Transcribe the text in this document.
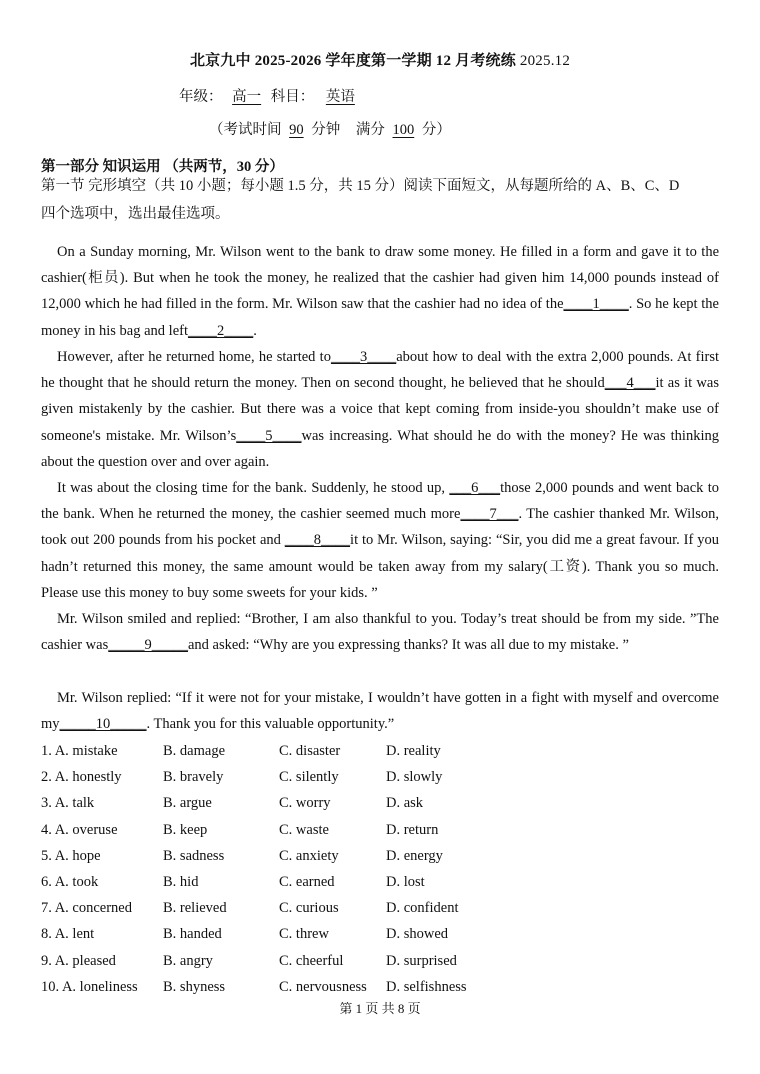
北京九中 2025-2026 学年度第一学期 12 月考统练 2025.12
年级： 高一 科目： 英语
（考试时间 90 分钟 满分 100 分）
第一部分 知识运用 （共两节，30 分）
第一节 完形填空（共 10 小题；每小题 1.5 分，共 15 分）阅读下面短文，从每题所给的 A、B、C、D
四个选项中，选出最佳选项。

On a Sunday morning, Mr. Wilson went to the bank to draw some money. He filled in a form and gave it to the cashier(柜员). But when he took the money, he realized that the cashier had given him 14,000 pounds instead of 12,000 which he had filled in the form. Mr. Wilson saw that the cashier had no idea of the____1____. So he kept the money in his bag and left____2____.

However, after he returned home, he started to____3____about how to deal with the extra 2,000 pounds. At first he thought that he should return the money. Then on second thought, he believed that he should___4___it as it was given mistakenly by the cashier. But there was a voice that kept coming from inside-you shouldn’t make use of someone's mistake. Mr. Wilson’s____5____was increasing. What should he do with the money? He was thinking about the question over and over again.

It was about the closing time for the bank. Suddenly, he stood up, ___6___those 2,000 pounds and went back to the bank. When he returned the money, the cashier seemed much more____7___. The cashier thanked Mr. Wilson, took out 200 pounds from his pocket and ____8____it to Mr. Wilson, saying: “Sir, you did me a great favour. If you hadn’t returned this money, the same amount would be taken away from my salary(工资). Thank you so much. Please use this money to buy some sweets for your kids. ”

Mr. Wilson smiled and replied: “Brother, I am also thankful to you. Today’s treat should be from my side. ”The cashier was_____9_____and asked: “Why are you expressing thanks? It was all due to my mistake. ”

Mr. Wilson replied: “If it were not for your mistake, I wouldn’t have gotten in a fight with myself and overcome my_____10_____. Thank you for this valuable opportunity.”

1. A. mistake	B. damage	C. disaster	D. reality
2. A. honestly	B. bravely	C. silently	D. slowly
3. A. talk	B. argue	C. worry	D. ask
4. A. overuse	B. keep	C. waste	D. return
5. A. hope	B. sadness	C. anxiety	D. energy
6. A. took	B. hid	C. earned	D. lost
7. A. concerned B. relieved	C. curious	D. confident
8. A. lent	B. handed	C. threw	D. showed
9. A. pleased	B. angry	C. cheerful	D. surprised
10. A. loneliness B. shyness	C. nervousness D. selfishness
第 1 页 共 8 页
